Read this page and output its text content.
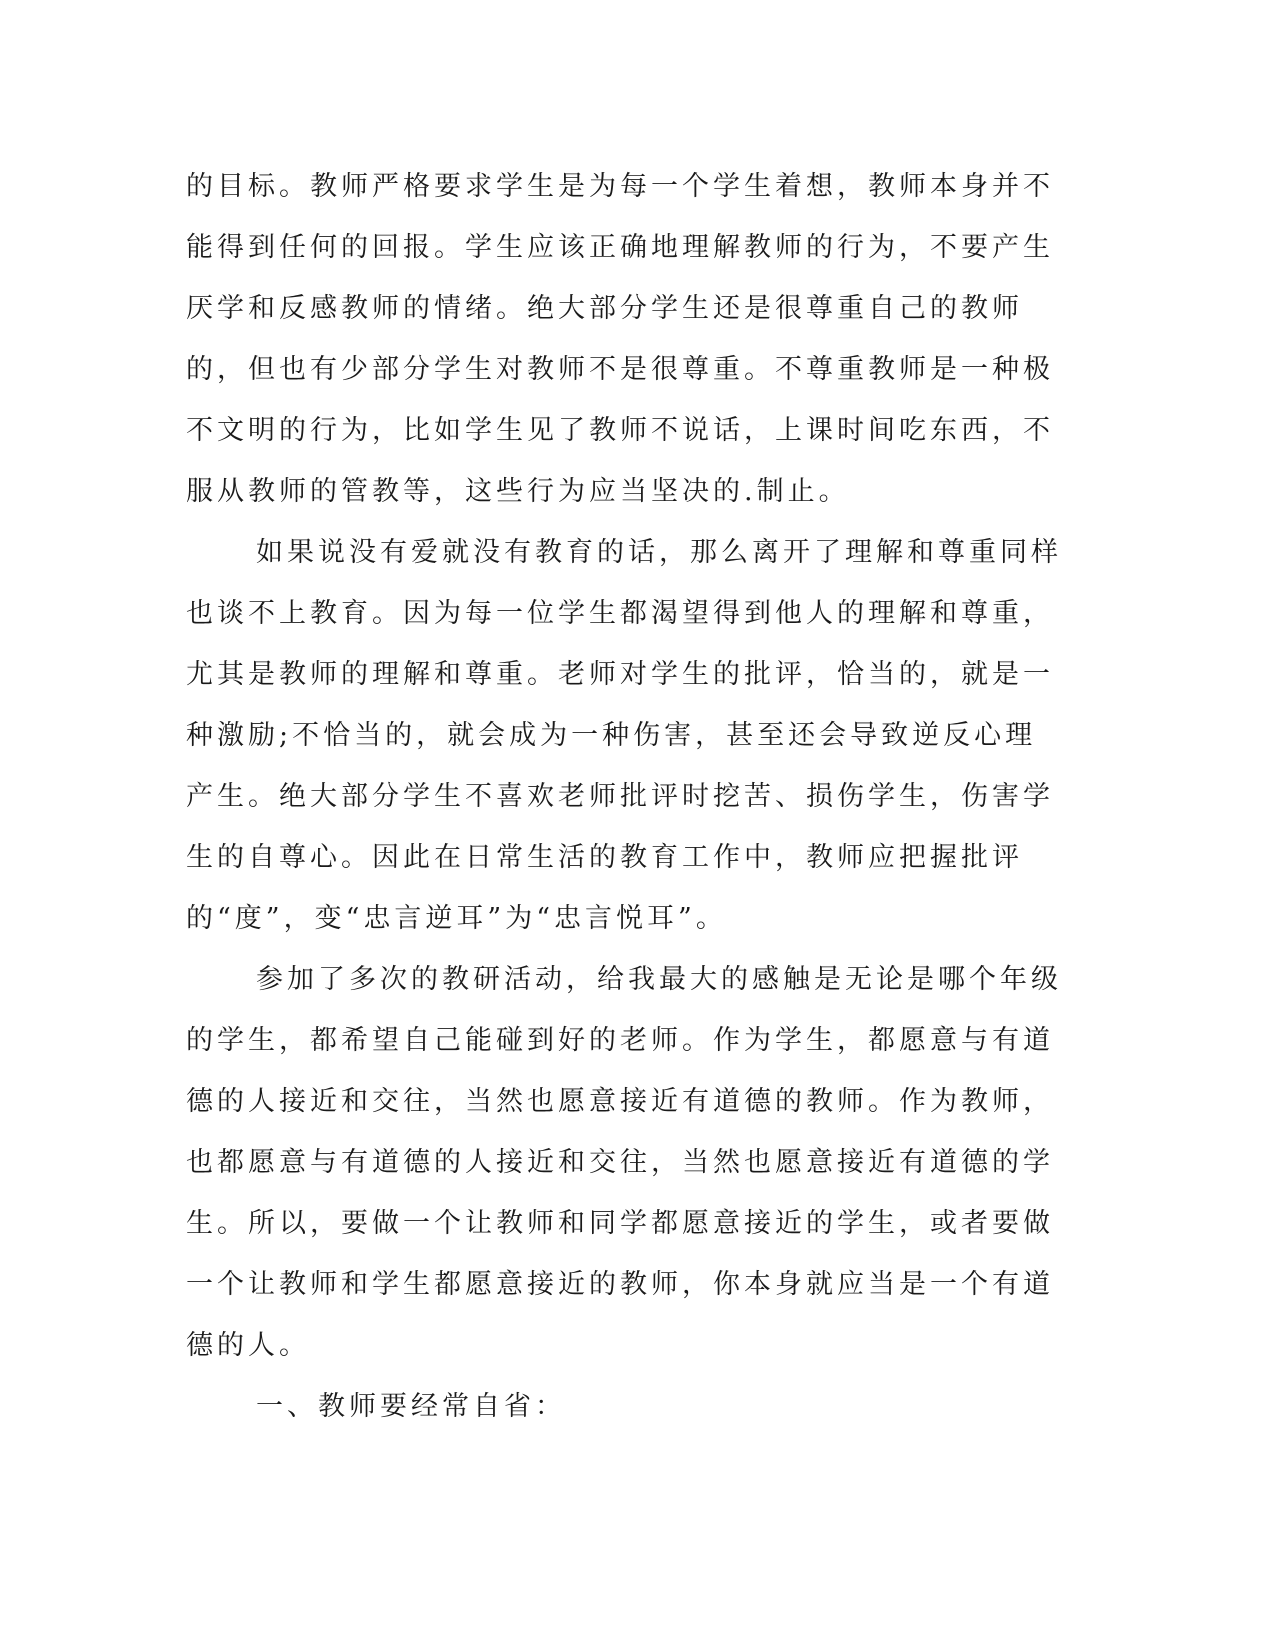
的目标。教师严格要求学生是为每一个学生着想，教师本身并不能得到任何的回报。学生应该正确地理解教师的行为，不要产生厌学和反感教师的情绪。绝大部分学生还是很尊重自己的教师的，但也有少部分学生对教师不是很尊重。不尊重教师是一种极不文明的行为，比如学生见了教师不说话，上课时间吃东西，不服从教师的管教等，这些行为应当坚决的.制止。

如果说没有爱就没有教育的话，那么离开了理解和尊重同样也谈不上教育。因为每一位学生都渴望得到他人的理解和尊重，尤其是教师的理解和尊重。老师对学生的批评，恰当的，就是一种激励;不恰当的，就会成为一种伤害，甚至还会导致逆反心理产生。绝大部分学生不喜欢老师批评时挖苦、损伤学生，伤害学生的自尊心。因此在日常生活的教育工作中，教师应把握批评的“度”，变“忠言逆耳”为“忠言悦耳”。

参加了多次的教研活动，给我最大的感触是无论是哪个年级的学生，都希望自己能碰到好的老师。作为学生，都愿意与有道德的人接近和交往，当然也愿意接近有道德的教师。作为教师，也都愿意与有道德的人接近和交往，当然也愿意接近有道德的学生。所以，要做一个让教师和同学都愿意接近的学生，或者要做一个让教师和学生都愿意接近的教师，你本身就应当是一个有道德的人。

一、教师要经常自省：
